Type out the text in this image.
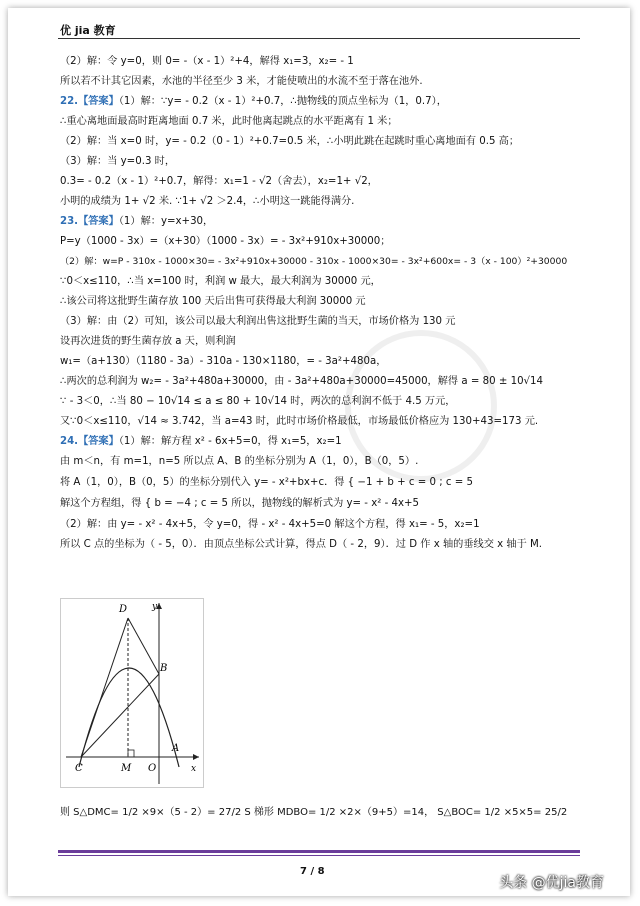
优 jia 教育
（2）解：令 y=0，则 0= -（x - 1）²+4，解得 x₁=3，x₂= - 1
所以若不计其它因素，水池的半径至少 3 米，才能使喷出的水流不至于落在池外.
22.【答案】（1）解：∵y= - 0.2（x - 1）²+0.7，∴抛物线的顶点坐标为（1，0.7），
∴重心离地面最高时距离地面 0.7 米，此时他离起跳点的水平距离有 1 米；
（2）解：当 x=0 时，y= - 0.2（0 - 1）²+0.7=0.5 米，∴小明此跳在起跳时重心离地面有 0.5 高；
（3）解：当 y=0.3 时，
0.3= - 0.2（x - 1）²+0.7，解得：x₁=1 - √2（舍去），x₂=1+ √2，
小明的成绩为 1+ √2 米. ∵1+ √2 ＞2.4，∴小明这一跳能得满分.
23.【答案】（1）解：y=x+30，
P=y（1000 - 3x）=（x+30）（1000 - 3x）= - 3x²+910x+30000；
（2）解：w=P - 310x - 1000×30= - 3x²+910x+30000 - 310x - 1000×30= - 3x²+600x= - 3（x - 100）²+30000
∵0＜x≤110，∴当 x=100 时，利润 w 最大，最大利润为 30000 元，
∴该公司将这批野生菌存放 100 天后出售可获得最大利润 30000 元
（3）解：由（2）可知，该公司以最大利润出售这批野生菌的当天，市场价格为 130 元
设再次进货的野生菌存放 a 天，则利润
w₁=（a+130）（1180 - 3a）- 310a - 130×1180，= - 3a²+480a，
∴两次的总利润为 w₂= - 3a²+480a+30000，由 - 3a²+480a+30000=45000，解得 a = 80 ± 10√14
∵ - 3＜0，∴当 80 − 10√14 ≤ a ≤ 80 + 10√14 时，两次的总利润不低于 4.5 万元，
又∵0＜x≤110，√14 ≈ 3.742，当 a=43 时，此时市场价格最低，市场最低价格应为 130+43=173 元.
24.【答案】（1）解：解方程 x² - 6x+5=0，得 x₁=5，x₂=1
由 m＜n，有 m=1，n=5 所以点 A、B 的坐标分别为 A（1，0），B（0，5）.
将 A（1，0），B（0，5）的坐标分别代入 y= - x²+bx+c．得 { −1 + b + c = 0 ; c = 5
解这个方程组，得 { b = −4 ; c = 5 所以，抛物线的解析式为 y= - x² - 4x+5
（2）解：由 y= - x² - 4x+5，令 y=0，得 - x² - 4x+5=0 解这个方程，得 x₁= - 5，x₂=1
所以 C 点的坐标为（ - 5，0）．由顶点坐标公式计算，得点 D（ - 2，9）．过 D 作 x 轴的垂线交 x 轴于 M.
D	y
B
C	M O
A
x
则 S△DMC= 1/2 ×9×（5 - 2）= 27/2 S 梯形 MDBO= 1/2 ×2×（9+5）=14， S△BOC= 1/2 ×5×5= 25/2
7 / 8
头条 @优jia教育
